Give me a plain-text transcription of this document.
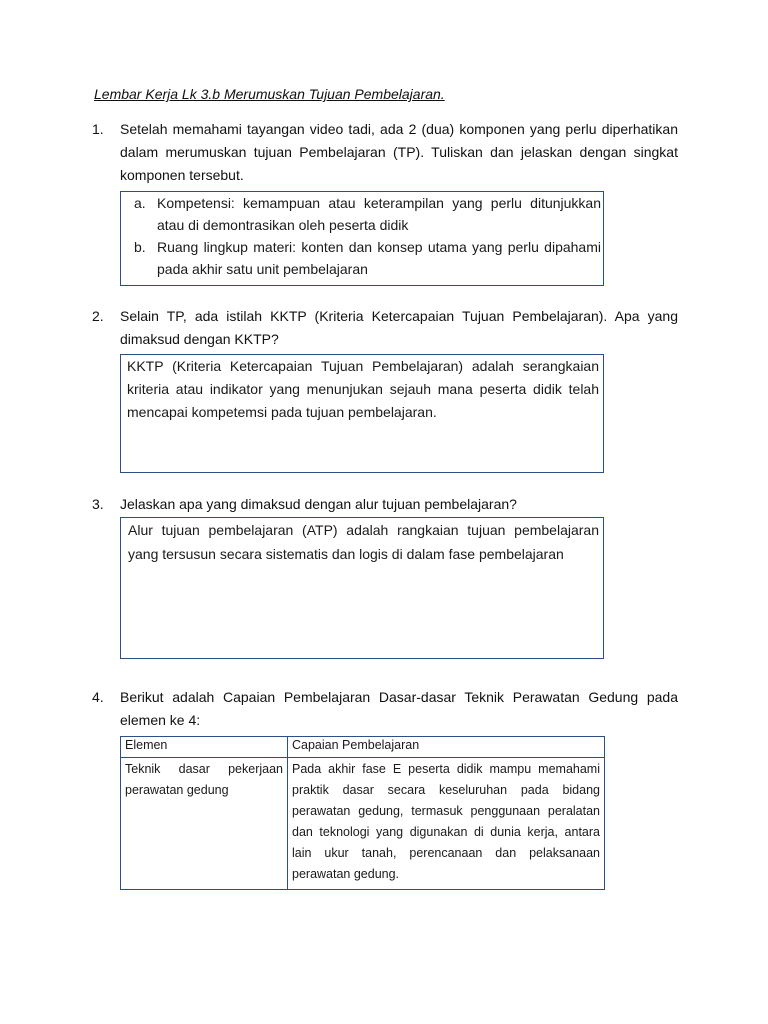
Lembar Kerja Lk 3.b Merumuskan Tujuan Pembelajaran.
1. Setelah memahami tayangan video tadi, ada 2 (dua) komponen yang perlu diperhatikan dalam merumuskan tujuan Pembelajaran (TP). Tuliskan dan jelaskan dengan singkat komponen tersebut.
a. Kompetensi: kemampuan atau keterampilan yang perlu ditunjukkan atau di demontrasikan oleh peserta didik
b. Ruang lingkup materi: konten dan konsep utama yang perlu dipahami pada akhir satu unit pembelajaran
2. Selain TP, ada istilah KKTP (Kriteria Ketercapaian Tujuan Pembelajaran). Apa yang dimaksud dengan KKTP?

KKTP (Kriteria Ketercapaian Tujuan Pembelajaran) adalah serangkaian kriteria atau indikator yang menunjukan sejauh mana peserta didik telah mencapai kompetemsi pada tujuan pembelajaran.

3. Jelaskan apa yang dimaksud dengan alur tujuan pembelajaran?

Alur tujuan pembelajaran (ATP) adalah rangkaian tujuan pembelajaran yang tersusun secara sistematis dan logis di dalam fase pembelajaran

4. Berikut adalah Capaian Pembelajaran Dasar-dasar Teknik Perawatan Gedung pada elemen ke 4:
Elemen	Capaian Pembelajaran
Teknik dasar pekerjaan perawatan gedung	Pada akhir fase E peserta didik mampu memahami praktik dasar secara keseluruhan pada bidang perawatan gedung, termasuk penggunaan peralatan dan teknologi yang digunakan di dunia kerja, antara lain ukur tanah, perencanaan dan pelaksanaan perawatan gedung.
